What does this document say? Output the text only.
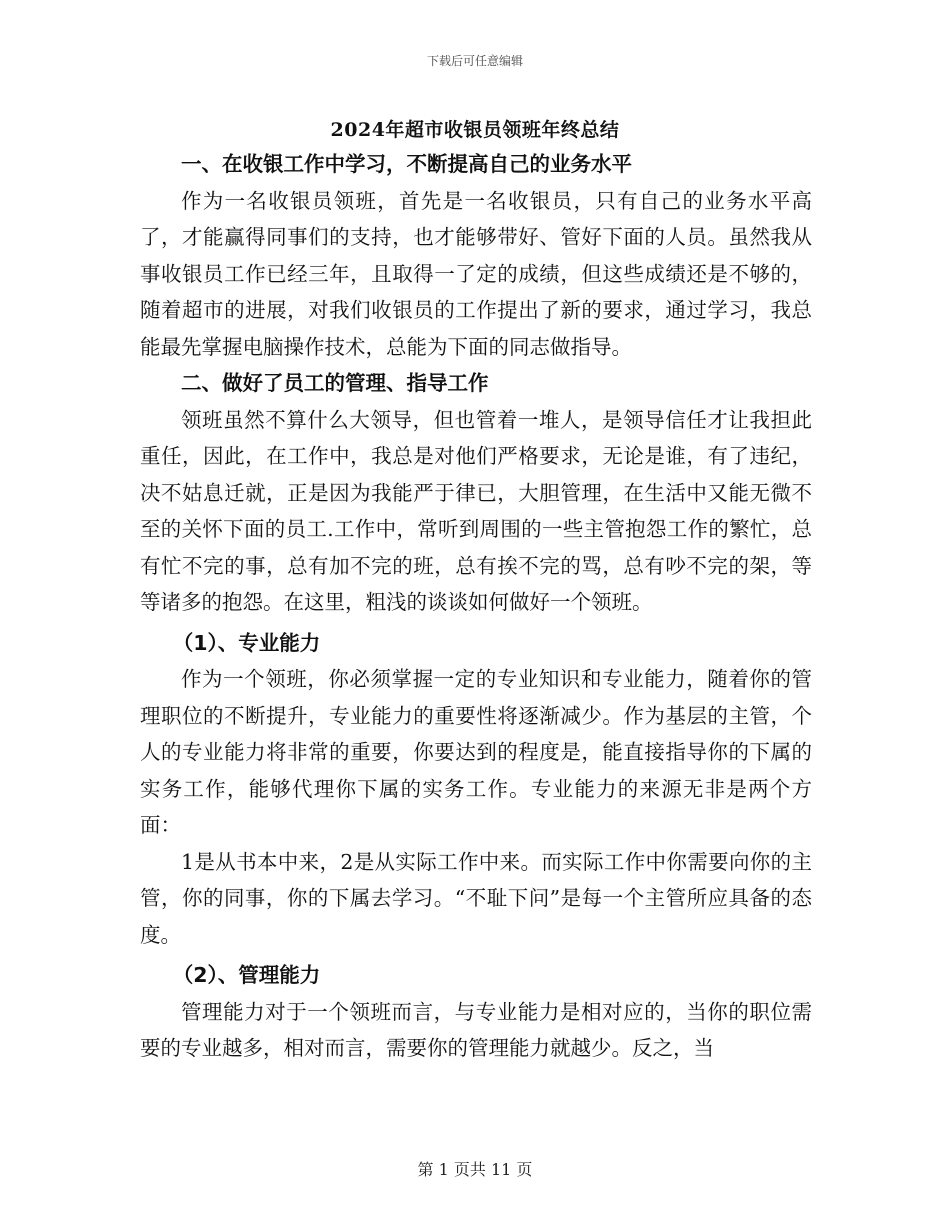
下载后可任意编辑
2024年超市收银员领班年终总结

一、在收银工作中学习，不断提高自己的业务水平

作为一名收银员领班，首先是一名收银员，只有自己的业务水平高了，才能赢得同事们的支持，也才能够带好、管好下面的人员。虽然我从事收银员工作已经三年，且取得一了定的成绩，但这些成绩还是不够的，随着超市的进展，对我们收银员的工作提出了新的要求，通过学习，我总能最先掌握电脑操作技术，总能为下面的同志做指导。

二、做好了员工的管理、指导工作

领班虽然不算什么大领导，但也管着一堆人，是领导信任才让我担此重任，因此，在工作中，我总是对他们严格要求，无论是谁，有了违纪，决不姑息迁就，正是因为我能严于律已，大胆管理，在生活中又能无微不至的关怀下面的员工.工作中，常听到周围的一些主管抱怨工作的繁忙，总有忙不完的事，总有加不完的班，总有挨不完的骂，总有吵不完的架，等等诸多的抱怨。在这里，粗浅的谈谈如何做好一个领班。

（1）、专业能力

作为一个领班，你必须掌握一定的专业知识和专业能力，随着你的管理职位的不断提升，专业能力的重要性将逐渐减少。作为基层的主管，个人的专业能力将非常的重要，你要达到的程度是，能直接指导你的下属的实务工作，能够代理你下属的实务工作。专业能力的来源无非是两个方面：

1是从书本中来，2是从实际工作中来。而实际工作中你需要向你的主管，你的同事，你的下属去学习。“不耻下问”是每一个主管所应具备的态度。

（2）、管理能力

管理能力对于一个领班而言，与专业能力是相对应的，当你的职位需要的专业越多，相对而言，需要你的管理能力就越少。反之，当

第 1 页共 11 页
